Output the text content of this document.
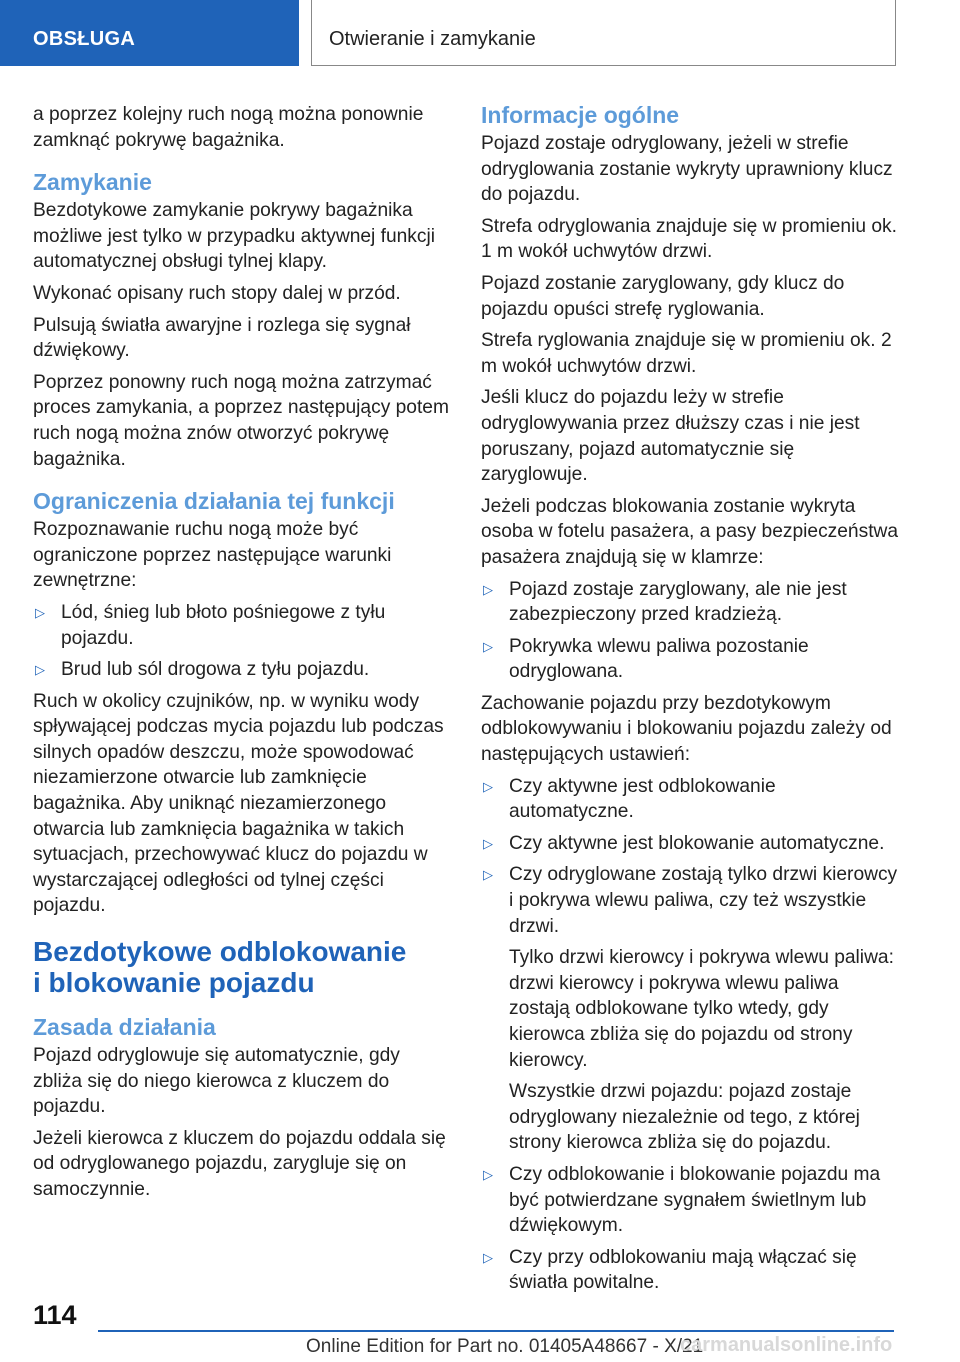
OBSŁUGA	Otwieranie i zamykanie

a poprzez kolejny ruch nogą można ponownie zamknąć pokrywę bagażnika.

Zamykanie

Bezdotykowe zamykanie pokrywy bagażnika możliwe jest tylko w przypadku aktywnej funkcji automatycznej obsługi tylnej klapy.

Wykonać opisany ruch stopy dalej w przód.

Pulsują światła awaryjne i rozlega się sygnał dźwiękowy.

Poprzez ponowny ruch nogą można zatrzymać proces zamykania, a poprzez następujący potem ruch nogą można znów otworzyć pokrywę bagażnika.

Ograniczenia działania tej funkcji

Rozpoznawanie ruchu nogą może być ograniczone poprzez następujące warunki zewnętrzne:

▷ Lód, śnieg lub błoto pośniegowe z tyłu pojazdu.
▷ Brud lub sól drogowa z tyłu pojazdu.

Ruch w okolicy czujników, np. w wyniku wody spływającej podczas mycia pojazdu lub podczas silnych opadów deszczu, może spowodować niezamierzone otwarcie lub zamknięcie bagażnika. Aby uniknąć niezamierzonego otwarcia lub zamknięcia bagażnika w takich sytuacjach, przechowywać klucz do pojazdu w wystarczającej odległości od tylnej części pojazdu.

Bezdotykowe odblokowanie
i blokowanie pojazdu
Zasada działania

Pojazd odryglowuje się automatycznie, gdy zbliża się do niego kierowca z kluczem do pojazdu.

Jeżeli kierowca z kluczem do pojazdu oddala się od odryglowanego pojazdu, zarygluje się on samoczynnie.

Informacje ogólne

Pojazd zostaje odryglowany, jeżeli w strefie odryglowania zostanie wykryty uprawniony klucz do pojazdu.

Strefa odryglowania znajduje się w promieniu ok. 1 m wokół uchwytów drzwi.

Pojazd zostanie zaryglowany, gdy klucz do pojazdu opuści strefę ryglowania.

Strefa ryglowania znajduje się w promieniu ok. 2 m wokół uchwytów drzwi.

Jeśli klucz do pojazdu leży w strefie odryglowywania przez dłuższy czas i nie jest poruszany, pojazd automatycznie się zaryglowuje.

Jeżeli podczas blokowania zostanie wykryta osoba w fotelu pasażera, a pasy bezpieczeństwa pasażera znajdują się w klamrze:

▷ Pojazd zostaje zaryglowany, ale nie jest zabezpieczony przed kradzieżą.
▷ Pokrywka wlewu paliwa pozostanie odryglowana.

Zachowanie pojazdu przy bezdotykowym odblokowywaniu i blokowaniu pojazdu zależy od następujących ustawień:

▷ Czy aktywne jest odblokowanie automatyczne.
▷ Czy aktywne jest blokowanie automatyczne.
▷ Czy odryglowane zostają tylko drzwi kierowcy i pokrywa wlewu paliwa, czy też wszystkie drzwi.

Tylko drzwi kierowcy i pokrywa wlewu paliwa: drzwi kierowcy i pokrywa wlewu paliwa zostają odblokowane tylko wtedy, gdy kierowca zbliża się do pojazdu od strony kierowcy.

Wszystkie drzwi pojazdu: pojazd zostaje odryglowany niezależnie od tego, z której strony kierowca zbliża się do pojazdu.

▷ Czy odblokowanie i blokowanie pojazdu ma być potwierdzane sygnałem świetlnym lub dźwiękowym.
▷ Czy przy odblokowaniu mają włączać się światła powitalne.
114
Online Edition for Part no. 01405A48667 - X/21
carmanualsonline.info
